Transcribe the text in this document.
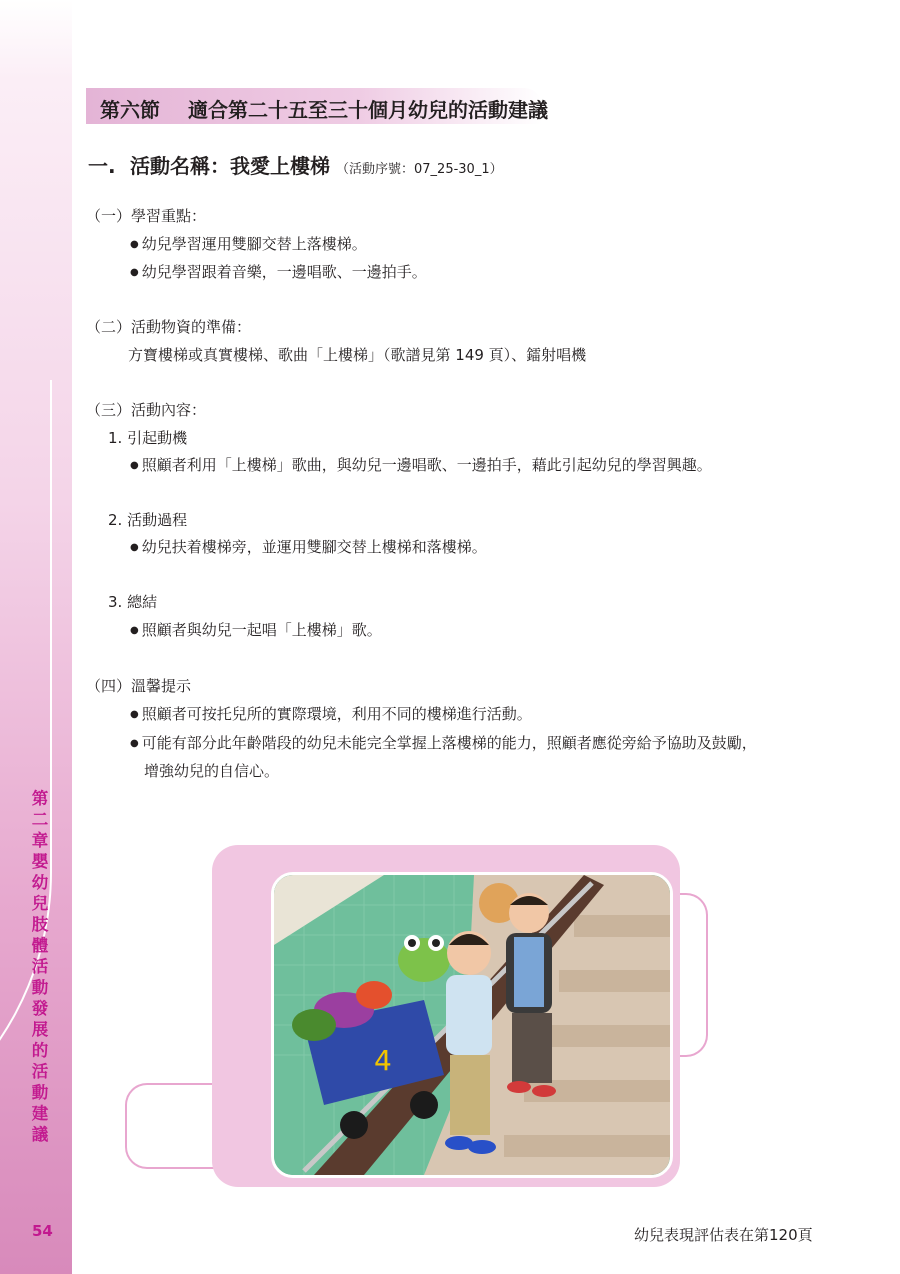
第二章 嬰幼兒肢體活動發展的活動建議
54
第六節 適合第二十五至三十個月幼兒的活動建議
一. 活動名稱：我愛上樓梯 （活動序號：07_25-30_1）
（一）學習重點：
● 幼兒學習運用雙腳交替上落樓梯。
● 幼兒學習跟着音樂，一邊唱歌、一邊拍手。
（二）活動物資的準備：
方寶樓梯或真實樓梯、歌曲「上樓梯」（歌譜見第 149 頁）、鐳射唱機
（三）活動內容：
1. 引起動機
● 照顧者利用「上樓梯」歌曲，與幼兒一邊唱歌、一邊拍手，藉此引起幼兒的學習興趣。
2. 活動過程
● 幼兒扶着樓梯旁，並運用雙腳交替上樓梯和落樓梯。
3. 總結
● 照顧者與幼兒一起唱「上樓梯」歌。
（四）溫馨提示
● 照顧者可按托兒所的實際環境，利用不同的樓梯進行活動。
● 可能有部分此年齡階段的幼兒未能完全掌握上落樓梯的能力，照顧者應從旁給予協助及鼓勵，
增強幼兒的自信心。
4
幼兒表現評估表在第120頁
